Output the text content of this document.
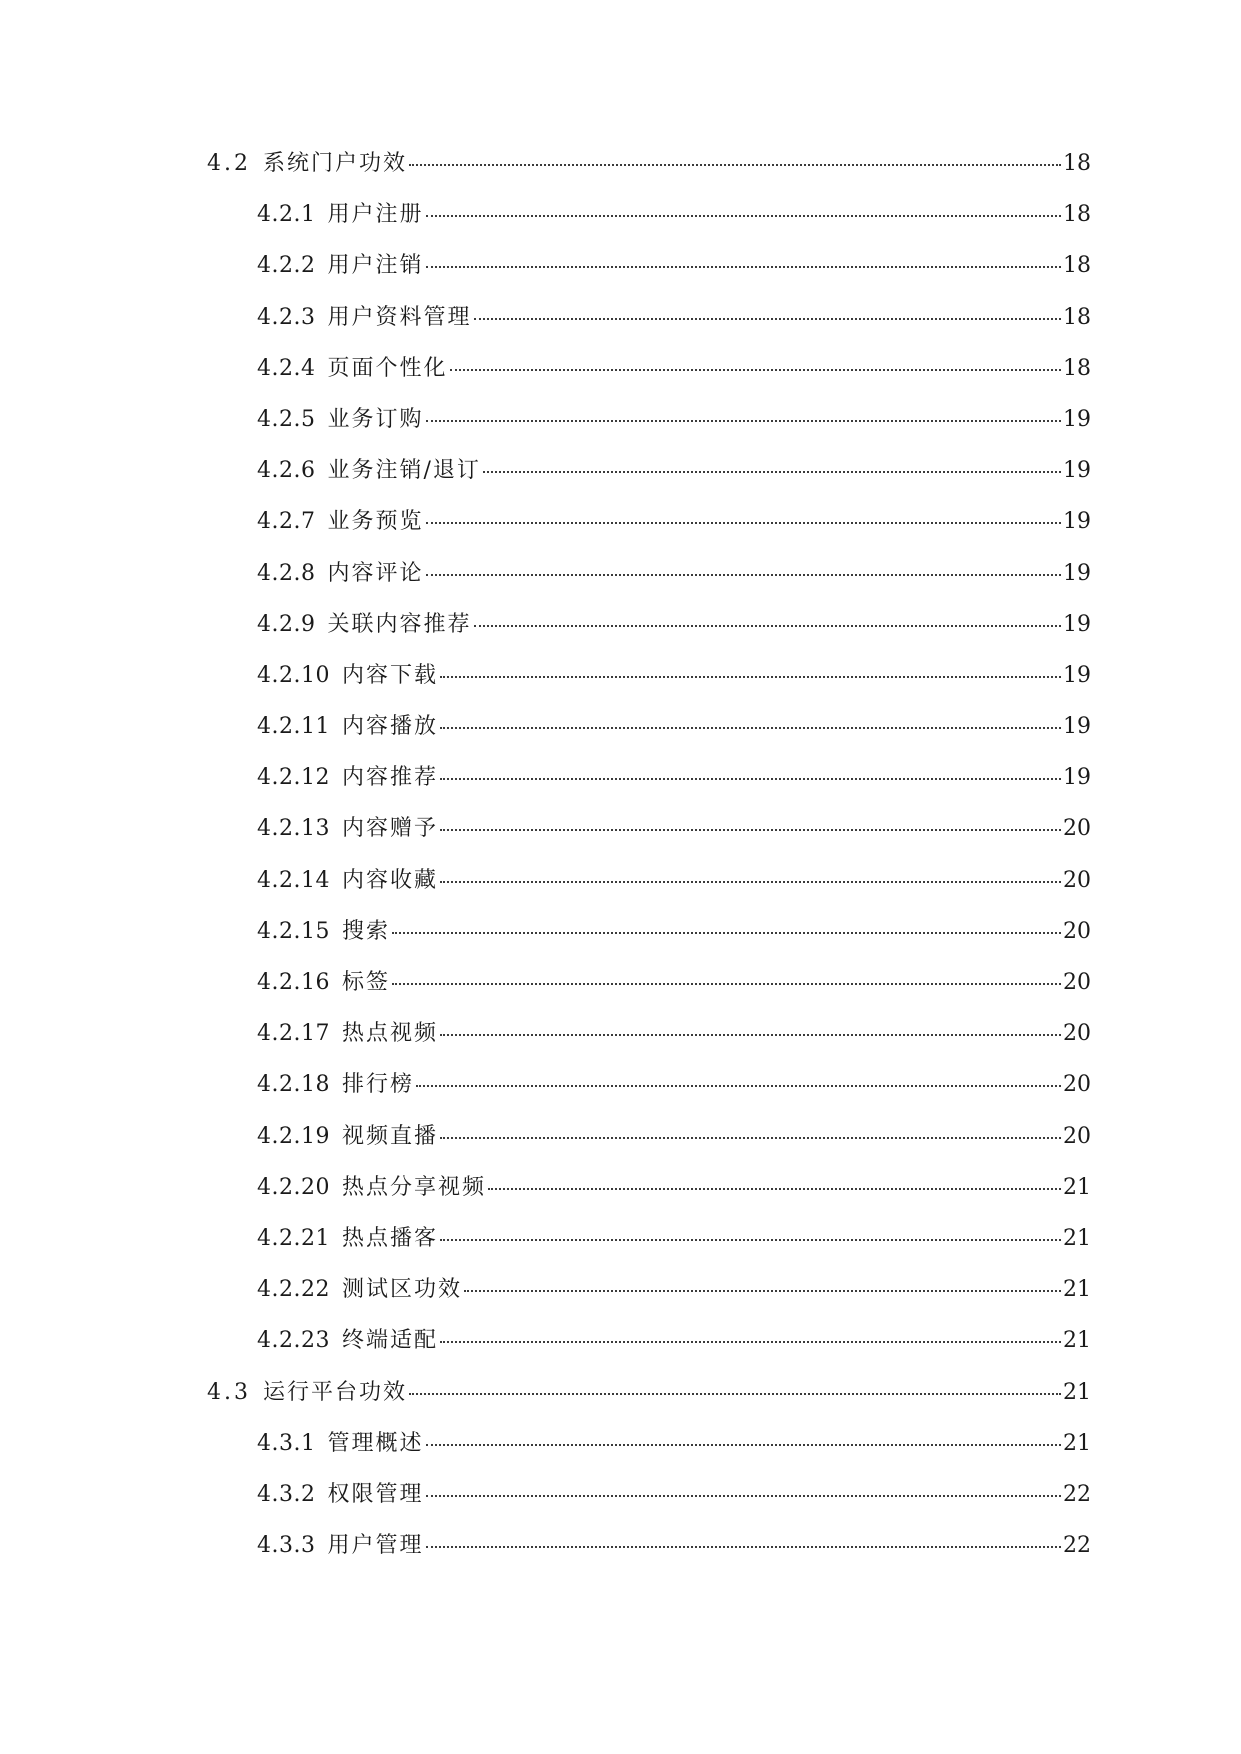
4.2 系统门户功效	18
4.2.1 用户注册	18
4.2.2 用户注销	18
4.2.3 用户资料管理	18
4.2.4 页面个性化	18
4.2.5 业务订购	19
4.2.6 业务注销/退订	19
4.2.7 业务预览	19
4.2.8 内容评论	19
4.2.9 关联内容推荐	19
4.2.10 内容下载	19
4.2.11 内容播放	19
4.2.12 内容推荐	19
4.2.13 内容赠予	20
4.2.14 内容收藏	20
4.2.15 搜索	20
4.2.16 标签	20
4.2.17 热点视频	20
4.2.18 排行榜	20
4.2.19 视频直播	20
4.2.20 热点分享视频	21
4.2.21 热点播客	21
4.2.22 测试区功效	21
4.2.23 终端适配	21
4.3 运行平台功效	21
4.3.1 管理概述	21
4.3.2 权限管理	22
4.3.3 用户管理	22
